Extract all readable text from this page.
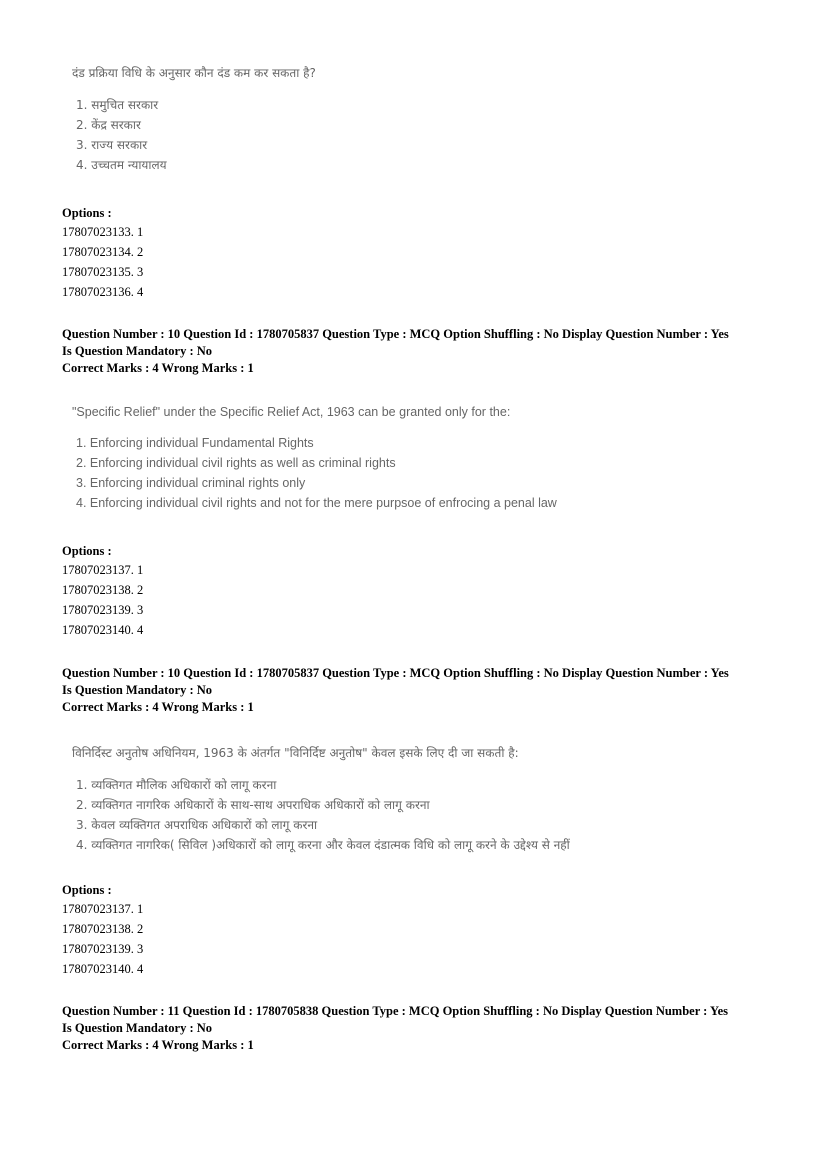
दंड प्रक्रिया विधि के अनुसार कौन दंड कम कर सकता है?
1. समुचित सरकार
2. केंद्र सरकार
3. राज्य सरकार
4. उच्चतम न्यायालय
Options :
17807023133. 1
17807023134. 2
17807023135. 3
17807023136. 4
Question Number : 10 Question Id : 1780705837 Question Type : MCQ Option Shuffling : No Display Question Number : Yes
Is Question Mandatory : No
Correct Marks : 4 Wrong Marks : 1
"Specific Relief" under the Specific Relief Act, 1963 can be granted only for the:
1. Enforcing individual Fundamental Rights
2. Enforcing individual civil rights as well as criminal rights
3. Enforcing individual criminal rights only
4. Enforcing individual civil rights and not for the mere purpsoe of enfrocing a penal law
Options :
17807023137. 1
17807023138. 2
17807023139. 3
17807023140. 4
Question Number : 10 Question Id : 1780705837 Question Type : MCQ Option Shuffling : No Display Question Number : Yes
Is Question Mandatory : No
Correct Marks : 4 Wrong Marks : 1
विनिर्दिस्ट अनुतोष अधिनियम, 1963 के अंतर्गत "विनिर्दिष्ट अनुतोष" केवल इसके लिए दी जा सकती है:
1. व्यक्तिगत मौलिक अधिकारों को लागू करना
2. व्यक्तिगत नागरिक अधिकारों के साथ-साथ अपराधिक अधिकारों को लागू करना
3. केवल व्यक्तिगत अपराधिक अधिकारों को लागू करना
4. व्यक्तिगत नागरिक( सिविल )अधिकारों को लागू करना और केवल दंडात्मक विधि को लागू करने के उद्देश्य से नहीं
Options :
17807023137. 1
17807023138. 2
17807023139. 3
17807023140. 4
Question Number : 11 Question Id : 1780705838 Question Type : MCQ Option Shuffling : No Display Question Number : Yes
Is Question Mandatory : No
Correct Marks : 4 Wrong Marks : 1
